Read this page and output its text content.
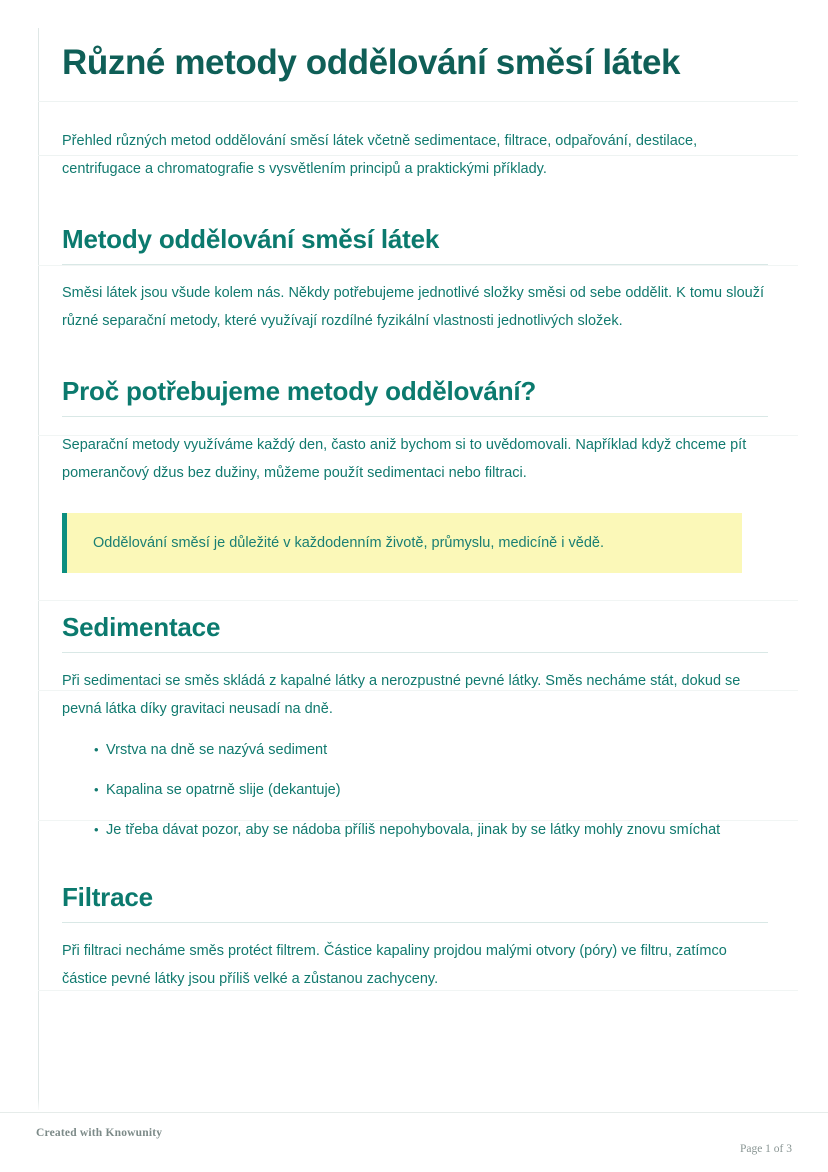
Různé metody oddělování směsí látek
Přehled různých metod oddělování směsí látek včetně sedimentace, filtrace, odpařování, destilace, centrifugace a chromatografie s vysvětlením principů a praktickými příklady.
Metody oddělování směsí látek

Směsi látek jsou všude kolem nás. Někdy potřebujeme jednotlivé složky směsi od sebe oddělit. K tomu slouží různé separační metody, které využívají rozdílné fyzikální vlastnosti jednotlivých složek.

Proč potřebujeme metody oddělování?

Separační metody využíváme každý den, často aniž bychom si to uvědomovali. Například když chceme pít pomerančový džus bez dužiny, můžeme použít sedimentaci nebo filtraci.

Oddělování směsí je důležité v každodenním životě, průmyslu, medicíně i vědě.
Sedimentace

Při sedimentaci se směs skládá z kapalné látky a nerozpustné pevné látky. Směs necháme stát, dokud se pevná látka díky gravitaci neusadí na dně.

• Vrstva na dně se nazývá sediment
• Kapalina se opatrně slije (dekantuje)
• Je třeba dávat pozor, aby se nádoba příliš nepohybovala, jinak by se látky mohly znovu smíchat
Filtrace

Při filtraci necháme směs protéct filtrem. Částice kapaliny projdou malými otvory (póry) ve filtru, zatímco částice pevné látky jsou příliš velké a zůstanou zachyceny.

Created with Knowunity
Page 1 of 3
